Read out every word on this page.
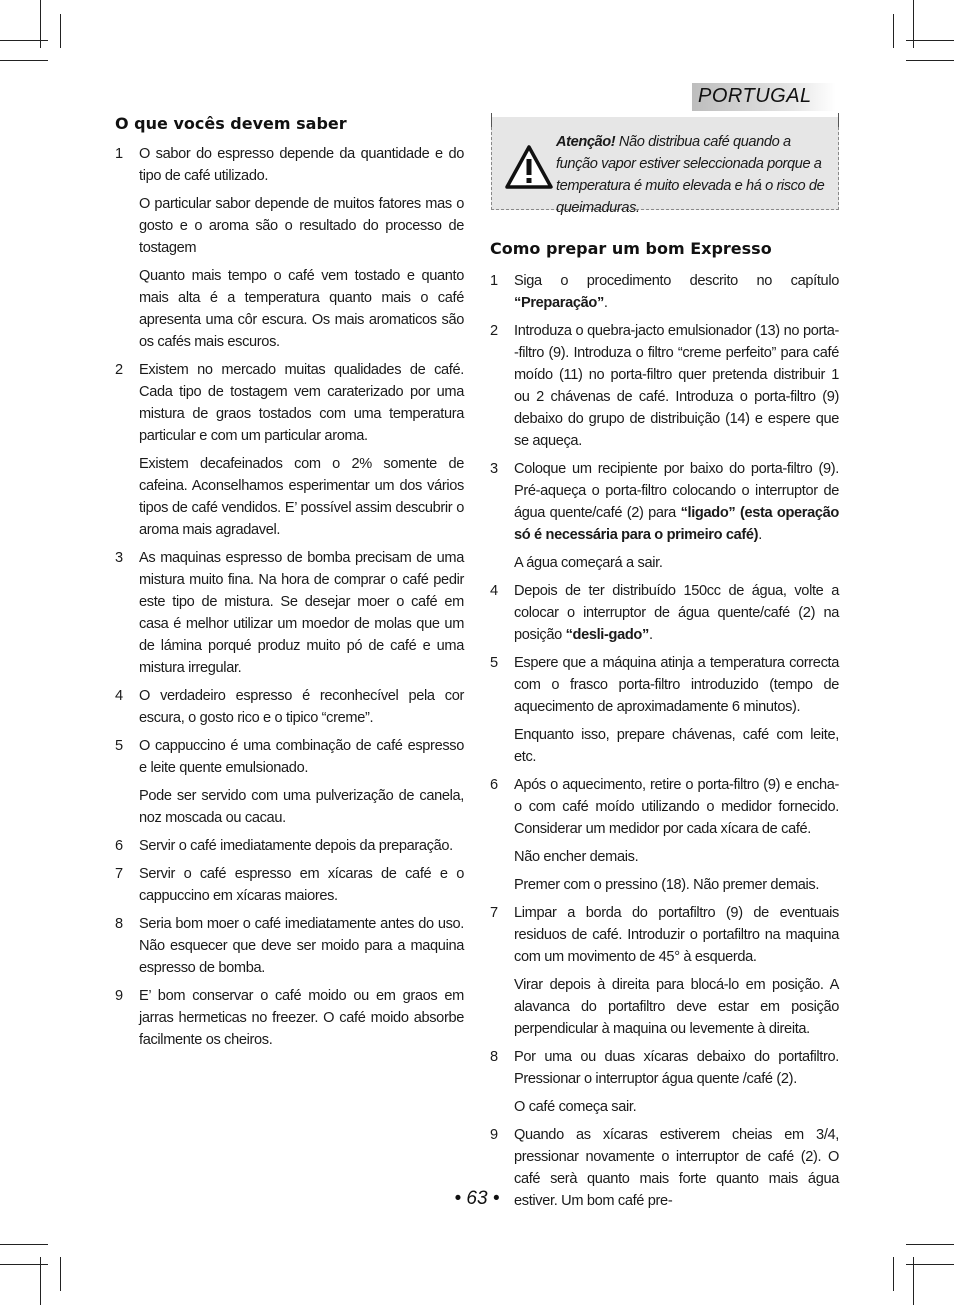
PORTUGAL
Atenção! Não distribua café quando a função vapor estiver seleccionada porque a temperatura é muito elevada e há o risco de queimaduras.
O que vocês devem saber
1 O sabor do espresso depende da quantidade e do tipo de café utilizado.

O particular sabor depende de muitos fatores mas o gosto e o aroma são o resultado do processo de tostagem

Quanto mais tempo o café vem tostado e quanto mais alta é a temperatura quanto mais o café apresenta uma côr escura. Os mais aromaticos são os cafés mais escuros.

2 Existem no mercado muitas qualidades de café. Cada tipo de tostagem vem caraterizado por uma mistura de graos tostados com uma temperatura particular e com um particular aroma.

Existem decafeinados com o 2% somente de cafeina. Aconselhamos esperimentar um dos vários tipos de café vendidos. E’ possível assim descubrir o aroma mais agradavel.

3 As maquinas espresso de bomba precisam de uma mistura muito fina. Na hora de comprar o café pedir este tipo de mistura. Se desejar moer o café em casa é melhor utilizar um moedor de molas que um de lámina porqué produz muito pó de café e uma mistura irregular.

4 O verdadeiro espresso é reconhecível pela cor escura, o gosto rico e o tipico “creme”.

5 O cappuccino é uma combinação de café espresso e leite quente emulsionado.

Pode ser servido com uma pulverização de canela, noz moscada ou cacau.

6 Servir o café imediatamente depois da preparação.

7 Servir o café espresso em xícaras de café e o cappuccino em xícaras maiores.

8 Seria bom moer o café imediatamente antes do uso. Não esquecer que deve ser moido para a maquina espresso de bomba.

9 E’ bom conservar o café moido ou em graos em jarras hermeticas no freezer. O café moido absorbe facilmente os cheiros.

Como prepar um bom Expresso
1 Siga o procedimento descrito no capítulo “Preparação”.

2 Introduza o quebra-jacto emulsionador (13) no porta--filtro (9). Introduza o filtro “creme perfeito” para café moído (11) no porta-filtro quer pretenda distribuir 1 ou 2 chávenas de café. Introduza o porta-filtro (9) debaixo do grupo de distribuição (14) e espere que se aqueça.

3 Coloque um recipiente por baixo do porta-filtro (9). Pré-aqueça o porta-filtro colocando o interruptor de água quente/café (2) para “ligado” (esta operação só é necessária para o primeiro café).

A água começará a sair.

4 Depois de ter distribuído 150cc de água, volte a colocar o interruptor de água quente/café (2) na posição “desli-gado”.

5 Espere que a máquina atinja a temperatura correcta com o frasco porta-filtro introduzido (tempo de aquecimento de aproximadamente 6 minutos).

Enquanto isso, prepare chávenas, café com leite, etc.

6 Após o aquecimento, retire o porta-filtro (9) e encha-o com café moído utilizando o medidor fornecido. Considerar um medidor por cada xícara de café.

Não encher demais.

Premer com o pressino (18). Não premer demais.

7 Limpar a borda do portafiltro (9) de eventuais residuos de café. Introduzir o portafiltro na maquina com um movimento de 45° à esquerda.

Virar depois à direita para blocá-lo em posição. A alavanca do portafiltro deve estar em posição perpendicular à maquina ou levemente à direita.

8 Por uma ou duas xícaras debaixo do portafiltro. Pressionar o interruptor água quente /café (2).

O café começa sair.

9 Quando as xícaras estiverem cheias em 3/4, pressionar novamente o interruptor de café (2). O café serà quanto mais forte quanto mais água estiver. Um bom café pre-

• 63 •
